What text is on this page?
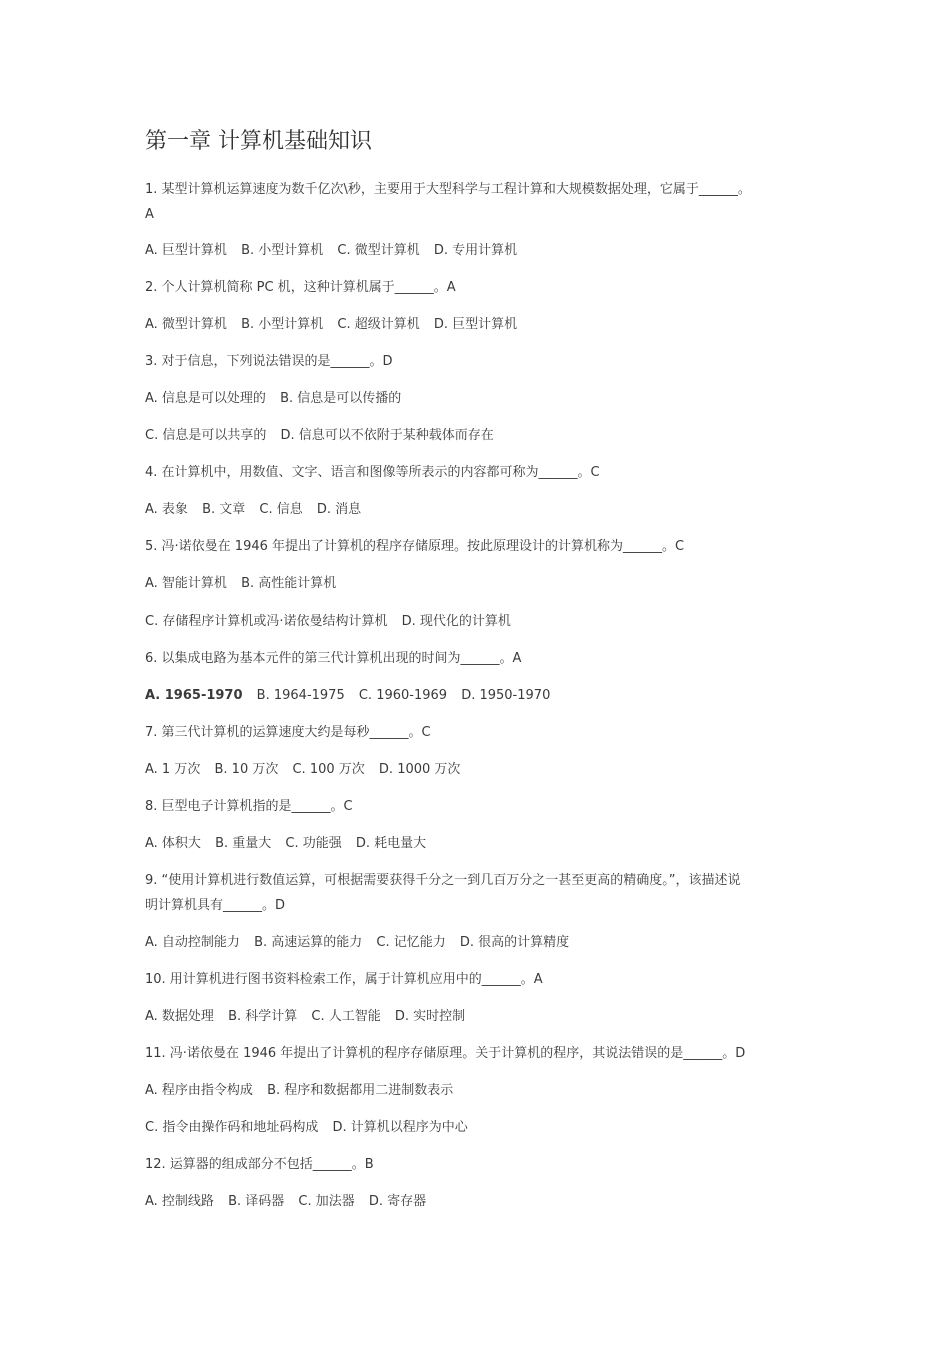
第一章 计算机基础知识
1. 某型计算机运算速度为数千亿次\秒，主要用于大型科学与工程计算和大规模数据处理，它属于______。
A
A. 巨型计算机 B. 小型计算机 C. 微型计算机 D. 专用计算机
2. 个人计算机简称 PC 机，这种计算机属于______。A
A. 微型计算机 B. 小型计算机 C. 超级计算机 D. 巨型计算机
3. 对于信息，下列说法错误的是______。D
A. 信息是可以处理的 B. 信息是可以传播的
C. 信息是可以共享的 D. 信息可以不依附于某种载体而存在
4. 在计算机中，用数值、文字、语言和图像等所表示的内容都可称为______。C
A. 表象 B. 文章 C. 信息 D. 消息
5. 冯·诺依曼在 1946 年提出了计算机的程序存储原理。按此原理设计的计算机称为______。C
A. 智能计算机 B. 高性能计算机
C. 存储程序计算机或冯·诺依曼结构计算机 D. 现代化的计算机
6. 以集成电路为基本元件的第三代计算机出现的时间为______。A
A. 1965-1970 B. 1964-1975 C. 1960-1969 D. 1950-1970
7. 第三代计算机的运算速度大约是每秒______。C
A. 1 万次 B. 10 万次 C. 100 万次 D. 1000 万次
8. 巨型电子计算机指的是______。C
A. 体积大 B. 重量大 C. 功能强 D. 耗电量大
9. “使用计算机进行数值运算，可根据需要获得千分之一到几百万分之一甚至更高的精确度。”，该描述说
明计算机具有______。D
A. 自动控制能力 B. 高速运算的能力 C. 记忆能力 D. 很高的计算精度
10. 用计算机进行图书资料检索工作，属于计算机应用中的______。A
A. 数据处理 B. 科学计算 C. 人工智能 D. 实时控制
11. 冯·诺依曼在 1946 年提出了计算机的程序存储原理。关于计算机的程序，其说法错误的是______。D
A. 程序由指令构成 B. 程序和数据都用二进制数表示
C. 指令由操作码和地址码构成 D. 计算机以程序为中心
12. 运算器的组成部分不包括______。B
A. 控制线路 B. 译码器 C. 加法器 D. 寄存器
